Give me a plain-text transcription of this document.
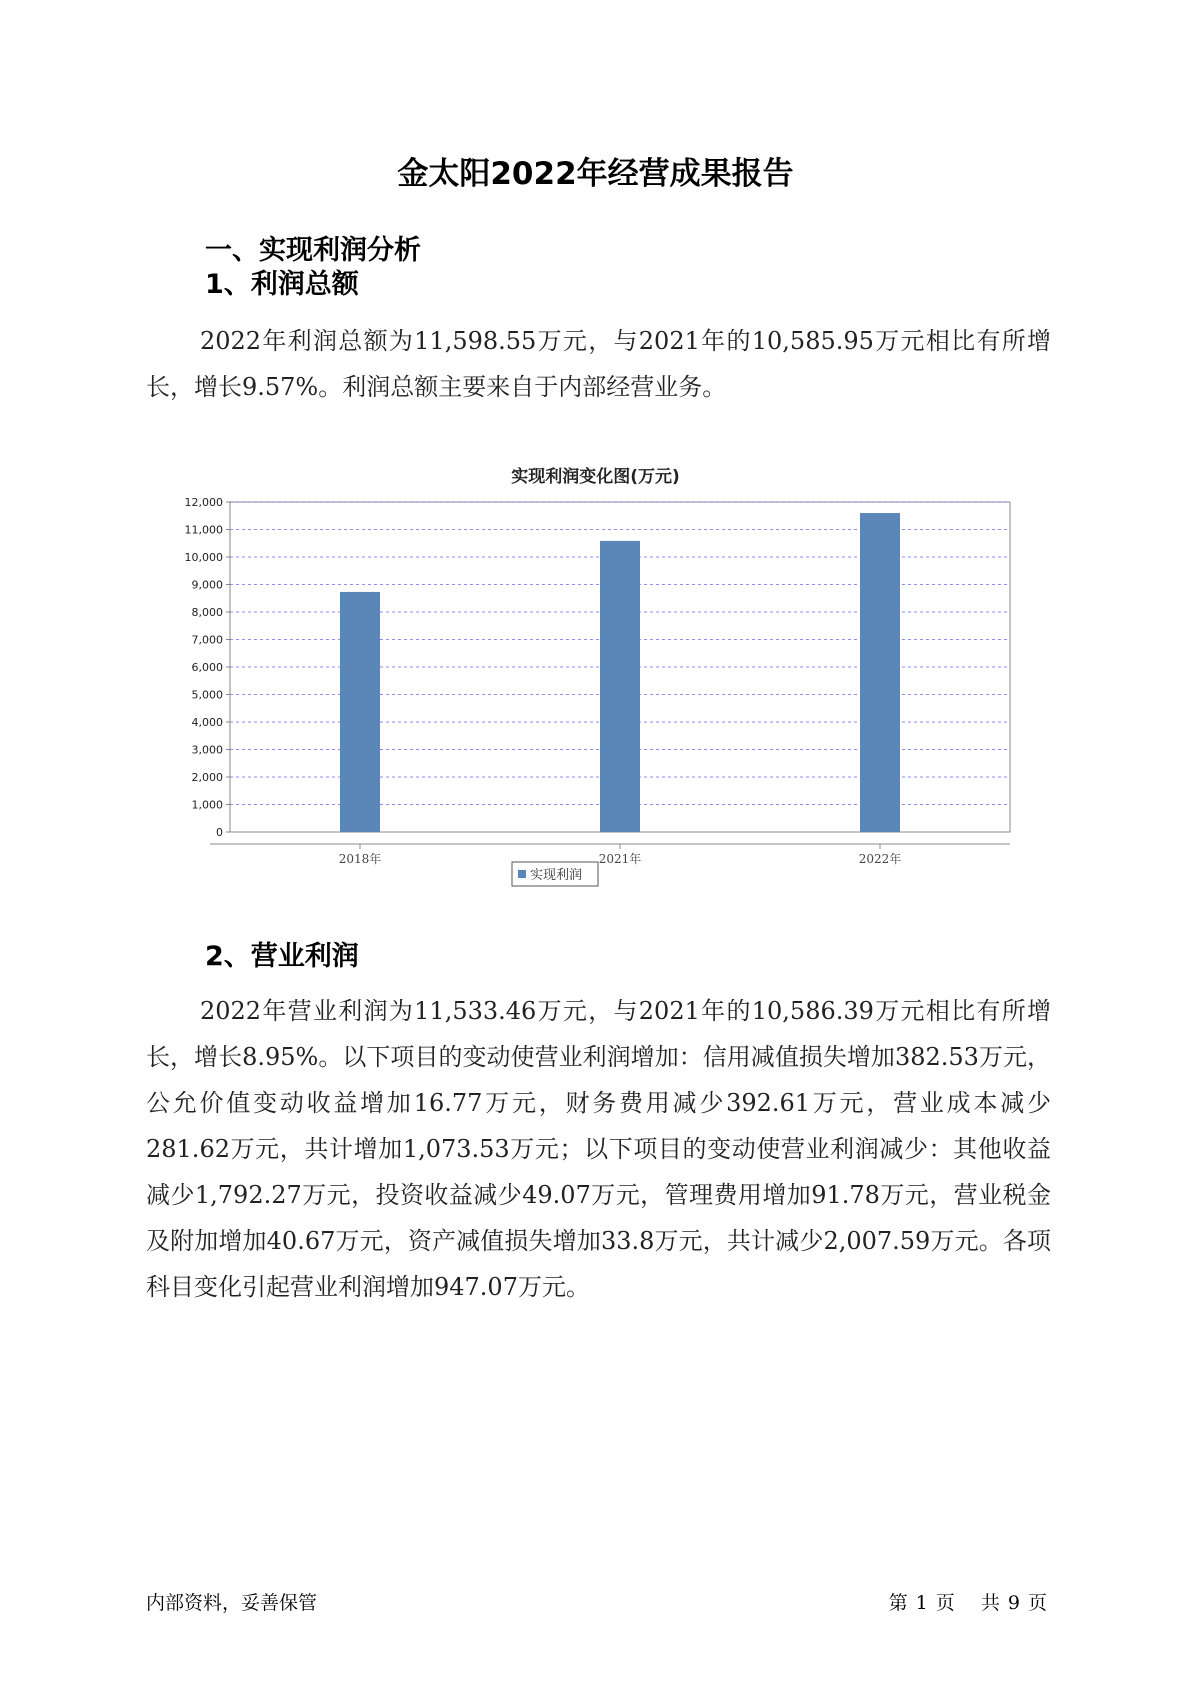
金太阳2022年经营成果报告
一、实现利润分析
1、利润总额
2022年利润总额为11,598.55万元，与2021年的10,585.95万元相比有所增长，增长9.57%。利润总额主要来自于内部经营业务。
实现利润变化图(万元)
0
1,000
2,000
3,000
4,000
5,000
6,000
7,000
8,000
9,000
10,000
11,000
12,000
2018年	2021年	2022年
实现利润
2、营业利润
2022年营业利润为11,533.46万元，与2021年的10,586.39万元相比有所增长，增长8.95%。以下项目的变动使营业利润增加：信用减值损失增加382.53万元，公允价值变动收益增加16.77万元，财务费用减少392.61万元，营业成本减少281.62万元，共计增加1,073.53万元；以下项目的变动使营业利润减少：其他收益减少1,792.27万元，投资收益减少49.07万元，管理费用增加91.78万元，营业税金及附加增加40.67万元，资产减值损失增加33.8万元，共计减少2,007.59万元。各项科目变化引起营业利润增加947.07万元。
内部资料，妥善保管	第 1 页 共 9 页
